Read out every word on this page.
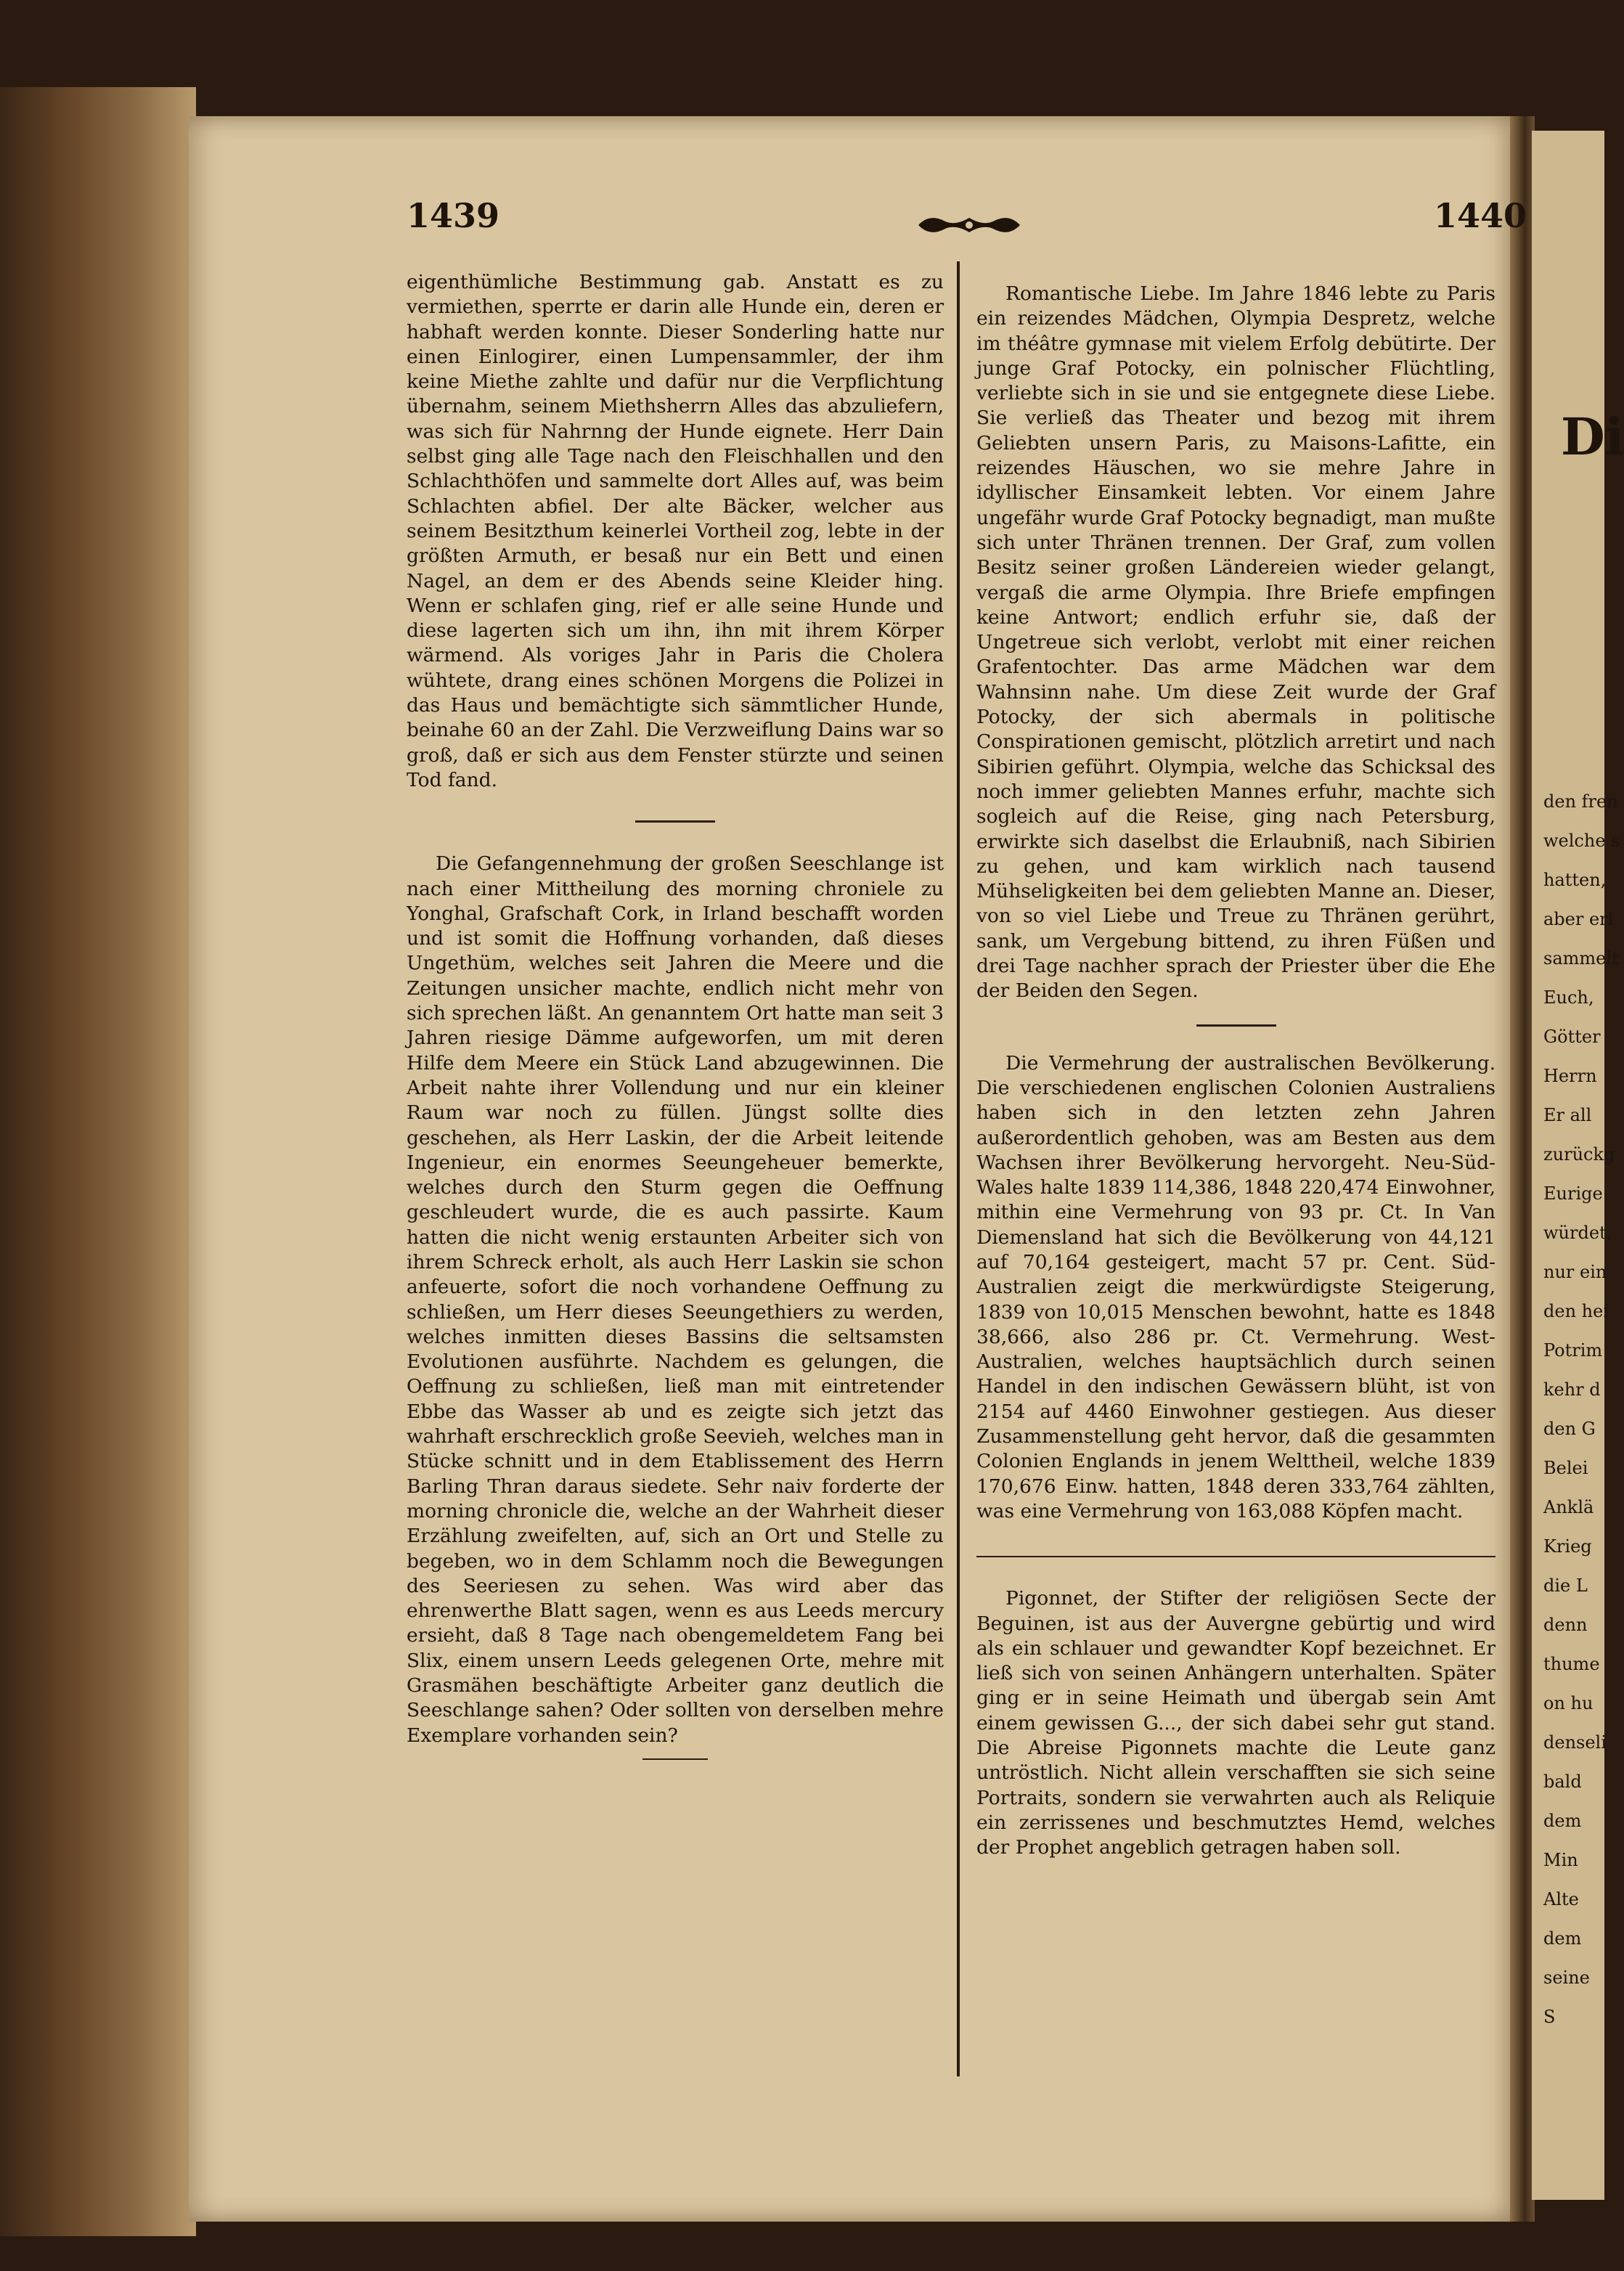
1439	1440

eigenthümliche Bestimmung gab. Anstatt es zu vermiethen, sperrte er darin alle Hunde ein, deren er habhaft werden konnte. Dieser Sonderling hatte nur einen Einlogirer, einen Lumpensammler, der ihm keine Miethe zahlte und dafür nur die Verpflichtung übernahm, seinem Miethsherrn Alles das abzuliefern, was sich für Nahrnng der Hunde eignete. Herr Dain selbst ging alle Tage nach den Fleischhallen und den Schlachthöfen und sammelte dort Alles auf, was beim Schlachten abfiel. Der alte Bäcker, welcher aus seinem Besitzthum keinerlei Vortheil zog, lebte in der größten Armuth, er besaß nur ein Bett und einen Nagel, an dem er des Abends seine Kleider hing. Wenn er schlafen ging, rief er alle seine Hunde und diese lagerten sich um ihn, ihn mit ihrem Körper wärmend. Als voriges Jahr in Paris die Cholera wühtete, drang eines schönen Morgens die Polizei in das Haus und bemächtigte sich sämmtlicher Hunde, beinahe 60 an der Zahl. Die Verzweiflung Dains war so groß, daß er sich aus dem Fenster stürzte und seinen Tod fand.

Die Gefangennehmung der großen Seeschlange ist nach einer Mittheilung des morning chroniele zu Yonghal, Grafschaft Cork, in Irland beschafft worden und ist somit die Hoffnung vorhanden, daß dieses Ungethüm, welches seit Jahren die Meere und die Zeitungen unsicher machte, endlich nicht mehr von sich sprechen läßt. An genanntem Ort hatte man seit 3 Jahren riesige Dämme aufgeworfen, um mit deren Hilfe dem Meere ein Stück Land abzugewinnen. Die Arbeit nahte ihrer Vollendung und nur ein kleiner Raum war noch zu füllen. Jüngst sollte dies geschehen, als Herr Laskin, der die Arbeit leitende Ingenieur, ein enormes Seeungeheuer bemerkte, welches durch den Sturm gegen die Oeffnung geschleudert wurde, die es auch passirte. Kaum hatten die nicht wenig erstaunten Arbeiter sich von ihrem Schreck erholt, als auch Herr Laskin sie schon anfeuerte, sofort die noch vorhandene Oeffnung zu schließen, um Herr dieses Seeungethiers zu werden, welches inmitten dieses Bassins die seltsamsten Evolutionen ausführte. Nachdem es gelungen, die Oeffnung zu schließen, ließ man mit eintretender Ebbe das Wasser ab und es zeigte sich jetzt das wahrhaft erschrecklich große Seevieh, welches man in Stücke schnitt und in dem Etablissement des Herrn Barling Thran daraus siedete. Sehr naiv forderte der morning chronicle die, welche an der Wahrheit dieser Erzählung zweifelten, auf, sich an Ort und Stelle zu begeben, wo in dem Schlamm noch die Bewegungen des Seeriesen zu sehen. Was wird aber das ehrenwerthe Blatt sagen, wenn es aus Leeds mercury ersieht, daß 8 Tage nach obengemeldetem Fang bei Slix, einem unsern Leeds gelegenen Orte, mehre mit Grasmähen beschäftigte Arbeiter ganz deutlich die Seeschlange sahen? Oder sollten von derselben mehre Exemplare vorhanden sein?

Romantische Liebe. Im Jahre 1846 lebte zu Paris ein reizendes Mädchen, Olympia Despretz, welche im théâtre gymnase mit vielem Erfolg debütirte. Der junge Graf Potocky, ein polnischer Flüchtling, verliebte sich in sie und sie entgegnete diese Liebe. Sie verließ das Theater und bezog mit ihrem Geliebten unsern Paris, zu Maisons-Lafitte, ein reizendes Häuschen, wo sie mehre Jahre in idyllischer Einsamkeit lebten. Vor einem Jahre ungefähr wurde Graf Potocky begnadigt, man mußte sich unter Thränen trennen. Der Graf, zum vollen Besitz seiner großen Ländereien wieder gelangt, vergaß die arme Olympia. Ihre Briefe empfingen keine Antwort; endlich erfuhr sie, daß der Ungetreue sich verlobt, verlobt mit einer reichen Grafentochter. Das arme Mädchen war dem Wahnsinn nahe. Um diese Zeit wurde der Graf Potocky, der sich abermals in politische Conspirationen gemischt, plötzlich arretirt und nach Sibirien geführt. Olympia, welche das Schicksal des noch immer geliebten Mannes erfuhr, machte sich sogleich auf die Reise, ging nach Petersburg, erwirkte sich daselbst die Erlaubniß, nach Sibirien zu gehen, und kam wirklich nach tausend Mühseligkeiten bei dem geliebten Manne an. Dieser, von so viel Liebe und Treue zu Thränen gerührt, sank, um Vergebung bittend, zu ihren Füßen und drei Tage nachher sprach der Priester über die Ehe der Beiden den Segen.

Die Vermehrung der australischen Bevölkerung. Die verschiedenen englischen Colonien Australiens haben sich in den letzten zehn Jahren außerordentlich gehoben, was am Besten aus dem Wachsen ihrer Bevölkerung hervorgeht. Neu-Süd-Wales halte 1839 114,386, 1848 220,474 Einwohner, mithin eine Vermehrung von 93 pr. Ct. In Van Diemensland hat sich die Bevölkerung von 44,121 auf 70,164 gesteigert, macht 57 pr. Cent. Süd-Australien zeigt die merkwürdigste Steigerung, 1839 von 10,015 Menschen bewohnt, hatte es 1848 38,666, also 286 pr. Ct. Vermehrung. West-Australien, welches hauptsächlich durch seinen Handel in den indischen Gewässern blüht, ist von 2154 auf 4460 Einwohner gestiegen. Aus dieser Zusammenstellung geht hervor, daß die gesammten Colonien Englands in jenem Welttheil, welche 1839 170,676 Einw. hatten, 1848 deren 333,764 zählten, was eine Vermehrung von 163,088 Köpfen macht.

Pigonnet, der Stifter der religiösen Secte der Beguinen, ist aus der Auvergne gebürtig und wird als ein schlauer und gewandter Kopf bezeichnet. Er ließ sich von seinen Anhängern unterhalten. Später ging er in seine Heimath und übergab sein Amt einem gewissen G..., der sich dabei sehr gut stand. Die Abreise Pigonnets machte die Leute ganz untröstlich. Nicht allein verschafften sie sich seine Portraits, sondern sie verwahrten auch als Reliquie ein zerrissenes und beschmutztes Hemd, welches der Prophet angeblich getragen haben soll.

Di
den fren
welche s
hatten,
aber erl
sammelt
Euch,
Götter
Herrn
Er all
zurückg
Eurige
würdet,
nur ein
den hei
Potrim
kehr d
den G
Belei
Anklä
Krieg
die L
denn
thume
on hu
denseli
bald
dem
Min
Alte
dem
seine
S
